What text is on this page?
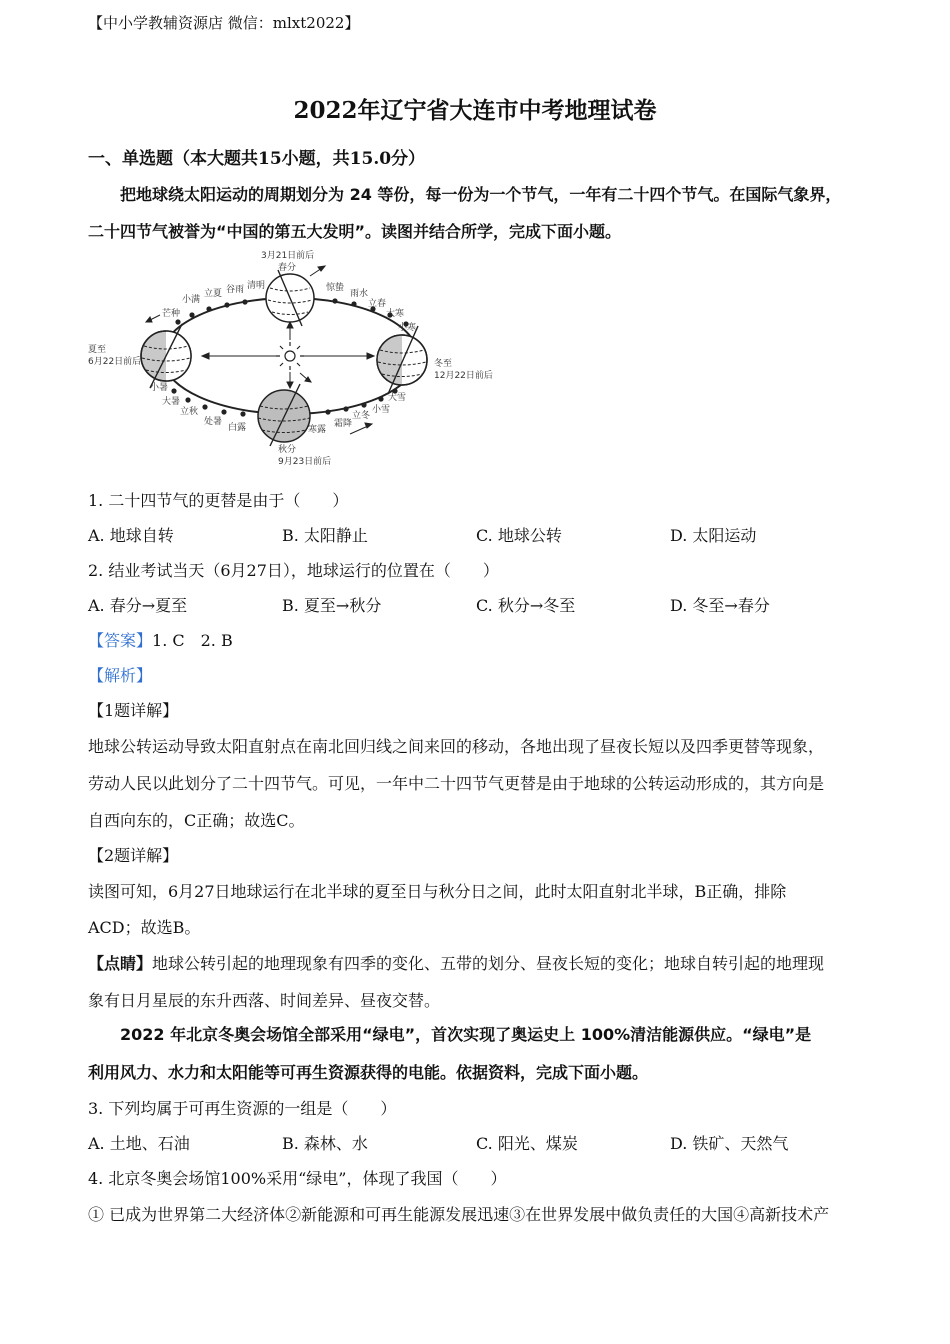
【中小学教辅资源店 微信：mlxt2022】
2022年辽宁省大连市中考地理试卷
一、单选题（本大题共15小题，共15.0分）
把地球绕太阳运动的周期划分为 24 等份，每一份为一个节气，一年有二十四个节气。在国际气象界，
二十四节气被誉为“中国的第五大发明”。读图并结合所学，完成下面小题。
3月21日前后
春分
夏至
6月22日前后
秋分
9月23日前后
冬至
12月22日前后
清明
谷雨
立夏
小满
芒种
小暑
大暑
立秋
处暑
白露	寒露
霜降
立冬
小雪
大雪
小寒
大寒
立春
雨水
惊蛰
1. 二十四节气的更替是由于（　　）
A. 地球自转	B. 太阳静止	C. 地球公转	D. 太阳运动
2. 结业考试当天（6月27日），地球运行的位置在（　　）
A. 春分→夏至	B. 夏至→秋分	C. 秋分→冬至	D. 冬至→春分
【答案】1. C　2. B
【解析】
【1题详解】
地球公转运动导致太阳直射点在南北回归线之间来回的移动，各地出现了昼夜长短以及四季更替等现象，
劳动人民以此划分了二十四节气。可见，一年中二十四节气更替是由于地球的公转运动形成的，其方向是
自西向东的，C正确；故选C。
【2题详解】
读图可知，6月27日地球运行在北半球的夏至日与秋分日之间，此时太阳直射北半球，B正确，排除
ACD；故选B。
【点睛】地球公转引起的地理现象有四季的变化、五带的划分、昼夜长短的变化；地球自转引起的地理现
象有日月星辰的东升西落、时间差异、昼夜交替。
2022 年北京冬奥会场馆全部采用“绿电”，首次实现了奥运史上 100%清洁能源供应。“绿电”是
利用风力、水力和太阳能等可再生资源获得的电能。依据资料，完成下面小题。
3. 下列均属于可再生资源的一组是（　　）
A. 土地、石油	B. 森林、水	C. 阳光、煤炭	D. 铁矿、天然气
4. 北京冬奥会场馆100%采用“绿电”，体现了我国（　　）
① 已成为世界第二大经济体②新能源和可再生能源发展迅速③在世界发展中做负责任的大国④高新技术产
